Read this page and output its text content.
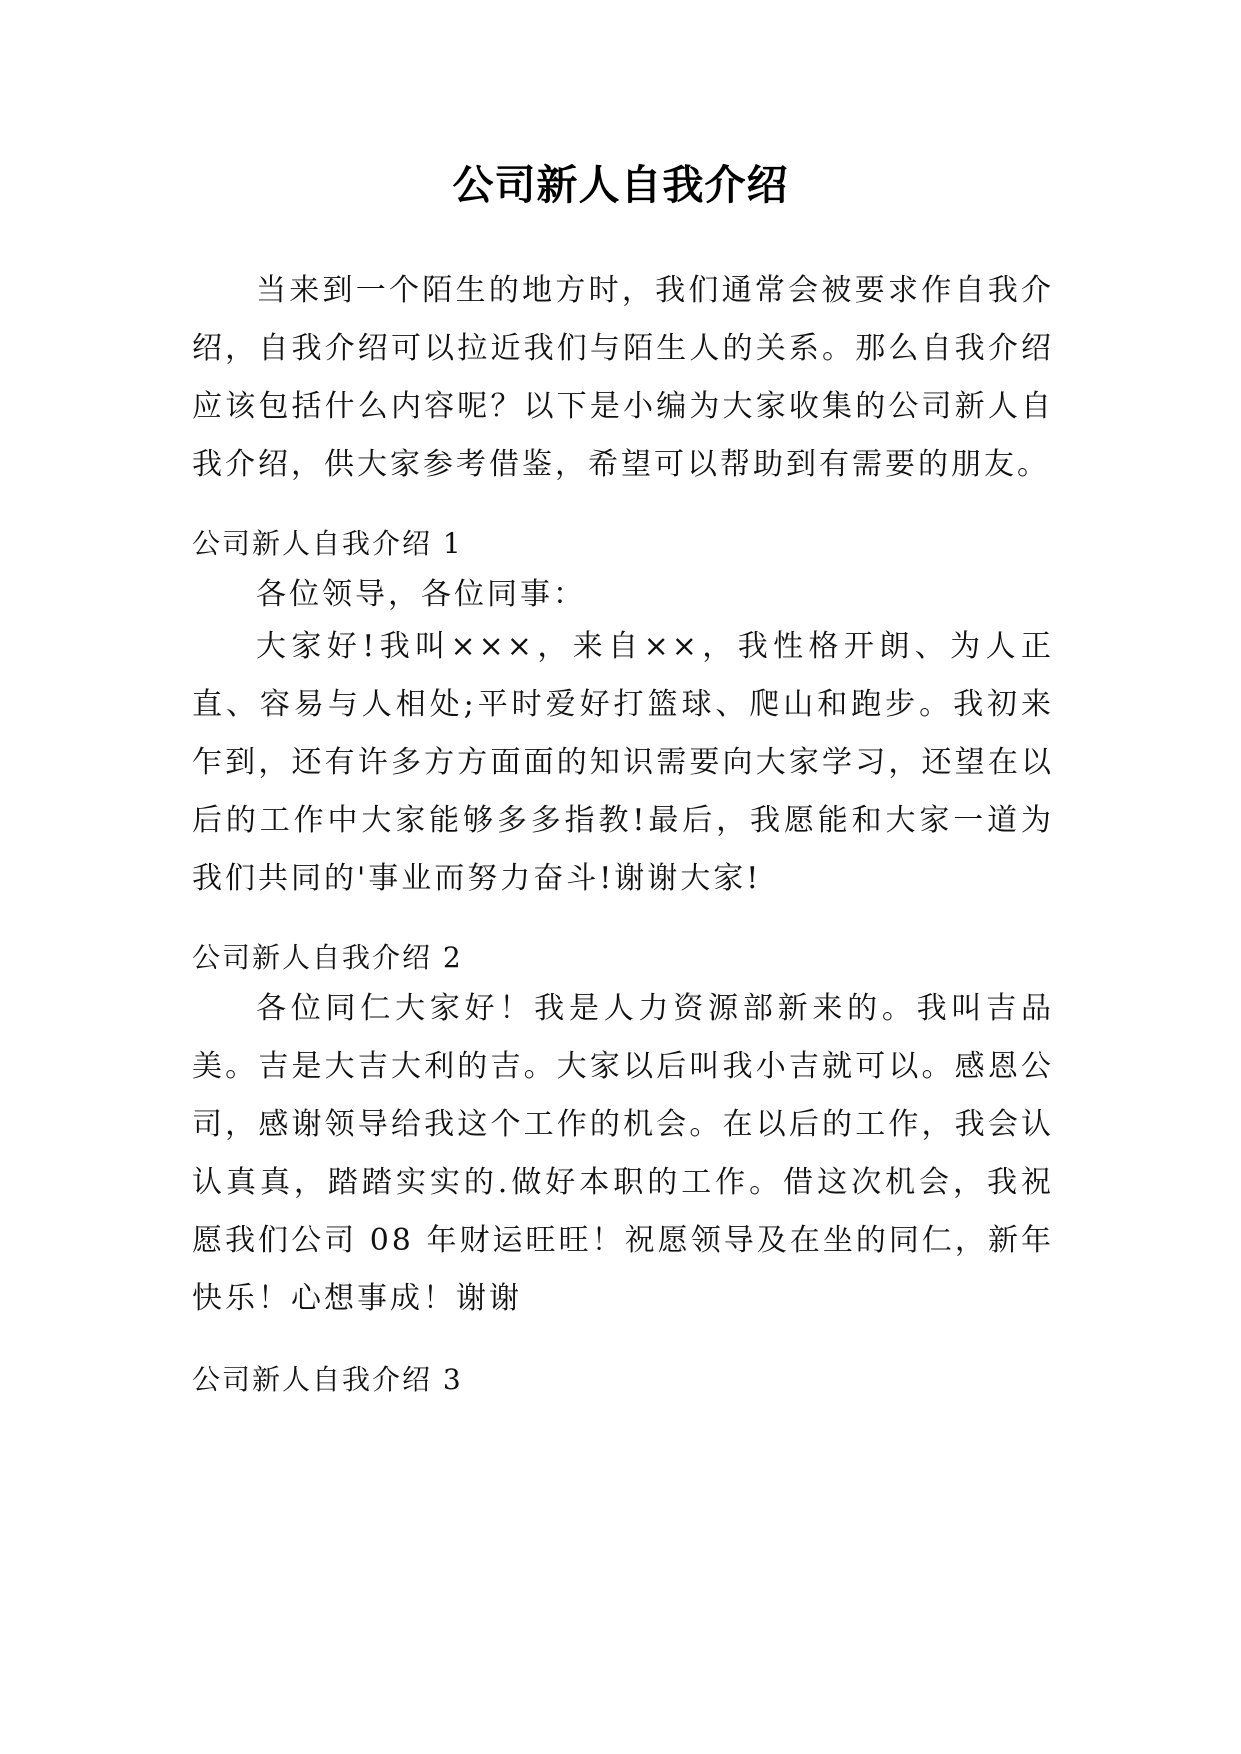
公司新人自我介绍

当来到一个陌生的地方时，我们通常会被要求作自我介绍，自我介绍可以拉近我们与陌生人的关系。那么自我介绍应该包括什么内容呢？以下是小编为大家收集的公司新人自我介绍，供大家参考借鉴，希望可以帮助到有需要的朋友。

公司新人自我介绍 1

各位领导，各位同事：

大家好!我叫×××，来自××，我性格开朗、为人正直、容易与人相处;平时爱好打篮球、爬山和跑步。我初来乍到，还有许多方方面面的知识需要向大家学习，还望在以后的工作中大家能够多多指教!最后，我愿能和大家一道为我们共同的'事业而努力奋斗!谢谢大家!

公司新人自我介绍 2

各位同仁大家好！我是人力资源部新来的。我叫吉品美。吉是大吉大利的吉。大家以后叫我小吉就可以。感恩公司，感谢领导给我这个工作的机会。在以后的工作，我会认认真真，踏踏实实的.做好本职的工作。借这次机会，我祝愿我们公司 08 年财运旺旺！祝愿领导及在坐的同仁，新年快乐！心想事成！谢谢

公司新人自我介绍 3
